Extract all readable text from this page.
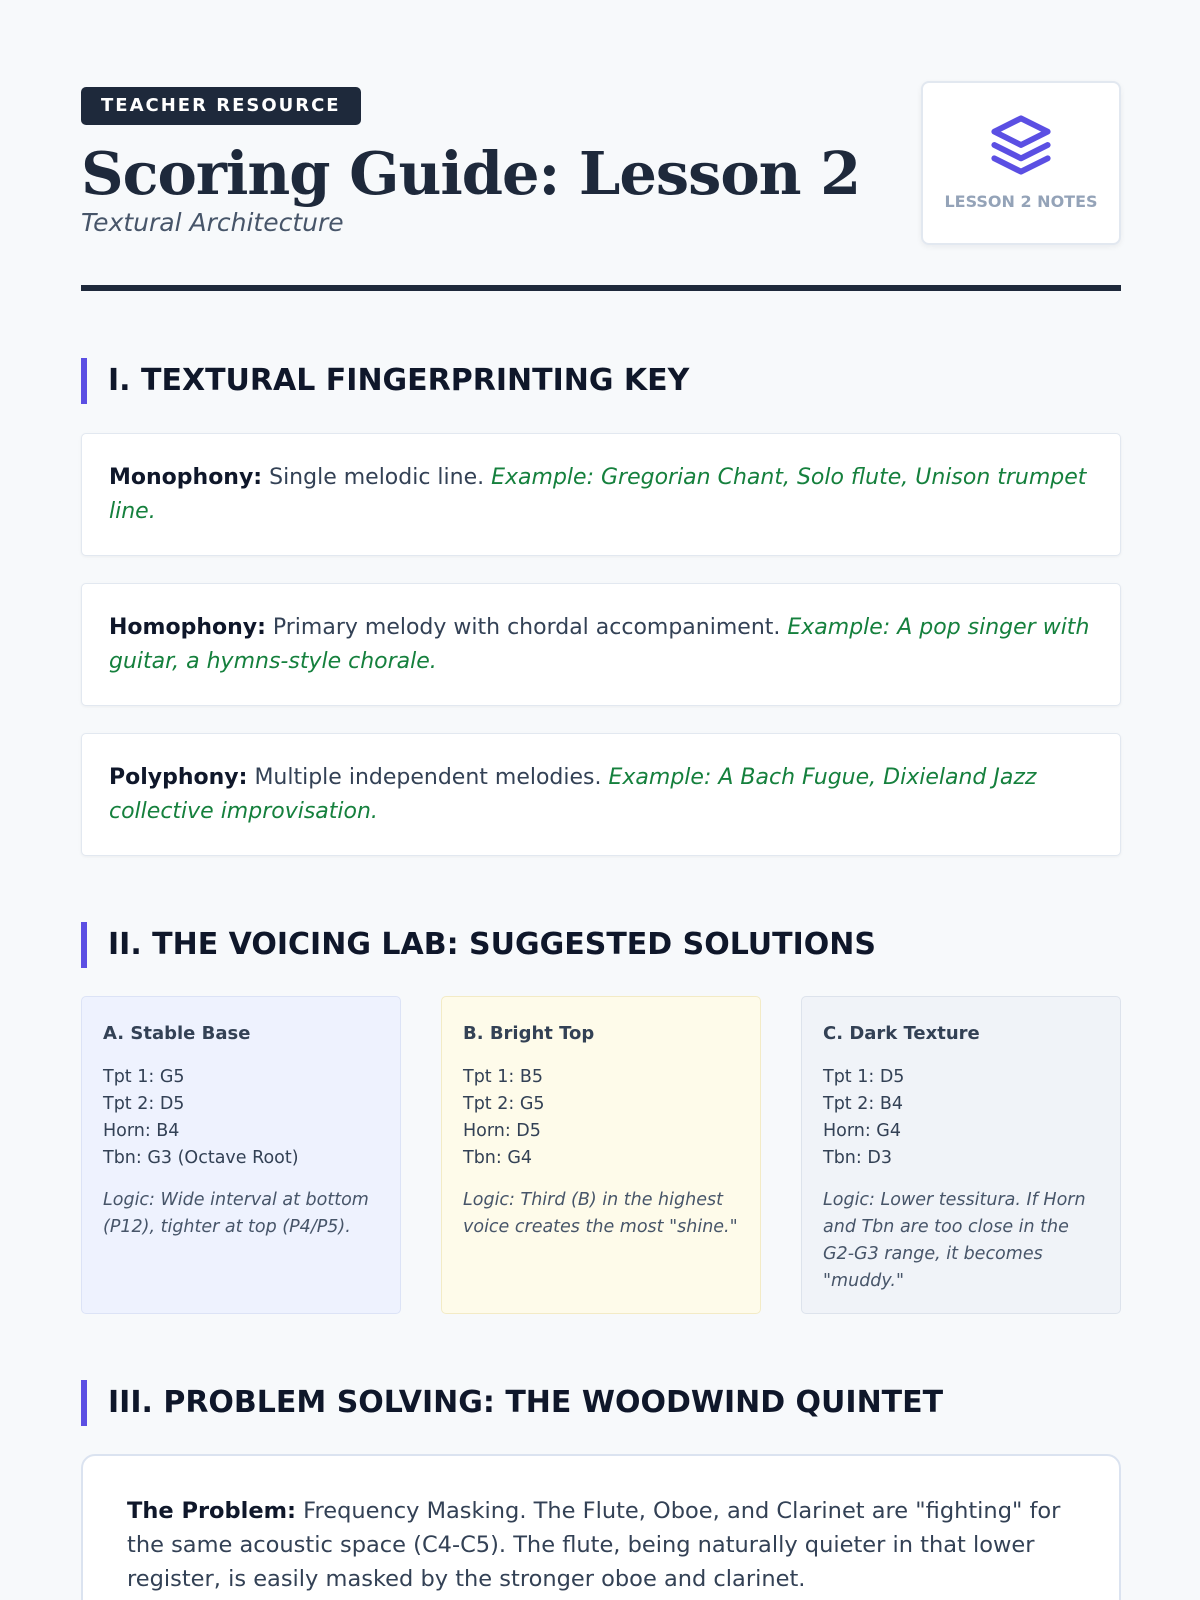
TEACHER RESOURCE
Scoring Guide: Lesson 2
Textural Architecture
LESSON 2 NOTES
I. TEXTURAL FINGERPRINTING KEY
Monophony: Single melodic line. Example: Gregorian Chant, Solo flute, Unison trumpet line.
Homophony: Primary melody with chordal accompaniment. Example: A pop singer with guitar, a hymns-style chorale.
Polyphony: Multiple independent melodies. Example: A Bach Fugue, Dixieland Jazz collective improvisation.
II. THE VOICING LAB: SUGGESTED SOLUTIONS
A. Stable Base
Tpt 1: G5
Tpt 2: D5
Horn: B4
Tbn: G3 (Octave Root)
Logic: Wide interval at bottom (P12), tighter at top (P4/P5).
B. Bright Top
Tpt 1: B5
Tpt 2: G5
Horn: D5
Tbn: G4
Logic: Third (B) in the highest voice creates the most "shine."
C. Dark Texture
Tpt 1: D5
Tpt 2: B4
Horn: G4
Tbn: D3
Logic: Lower tessitura. If Horn and Tbn are too close in the G2-G3 range, it becomes "muddy."
III. PROBLEM SOLVING: THE WOODWIND QUINTET
The Problem: Frequency Masking. The Flute, Oboe, and Clarinet are "fighting" for the same acoustic space (C4-C5). The flute, being naturally quieter in that lower register, is easily masked by the stronger oboe and clarinet.
